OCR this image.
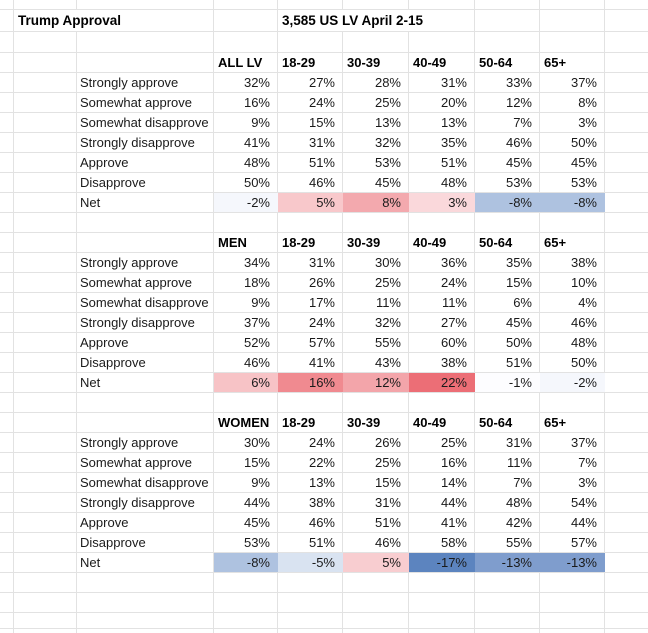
Trump Approval	3,585 US LV April 2-15
ALL LV	18-29	30-39	40-49	50-64	65+
Strongly approve	32%	27%	28%	31%	33%	37%
Somewhat approve	16%	24%	25%	20%	12%	8%
Somewhat disapprove	9%	15%	13%	13%	7%	3%
Strongly disapprove	41%	31%	32%	35%	46%	50%
Approve	48%	51%	53%	51%	45%	45%
Disapprove	50%	46%	45%	48%	53%	53%
Net	-2%	5%	8%	3%	-8%	-8%
MEN	18-29	30-39	40-49	50-64	65+
Strongly approve	34%	31%	30%	36%	35%	38%
Somewhat approve	18%	26%	25%	24%	15%	10%
Somewhat disapprove	9%	17%	11%	11%	6%	4%
Strongly disapprove	37%	24%	32%	27%	45%	46%
Approve	52%	57%	55%	60%	50%	48%
Disapprove	46%	41%	43%	38%	51%	50%
Net	6%	16%	12%	22%	-1%	-2%
WOMEN 18-29	30-39	40-49	50-64	65+
Strongly approve	30%	24%	26%	25%	31%	37%
Somewhat approve	15%	22%	25%	16%	11%	7%
Somewhat disapprove	9%	13%	15%	14%	7%	3%
Strongly disapprove	44%	38%	31%	44%	48%	54%
Approve	45%	46%	51%	41%	42%	44%
Disapprove	53%	51%	46%	58%	55%	57%
Net	-8%	-5%	5%	-17%	-13%	-13%
